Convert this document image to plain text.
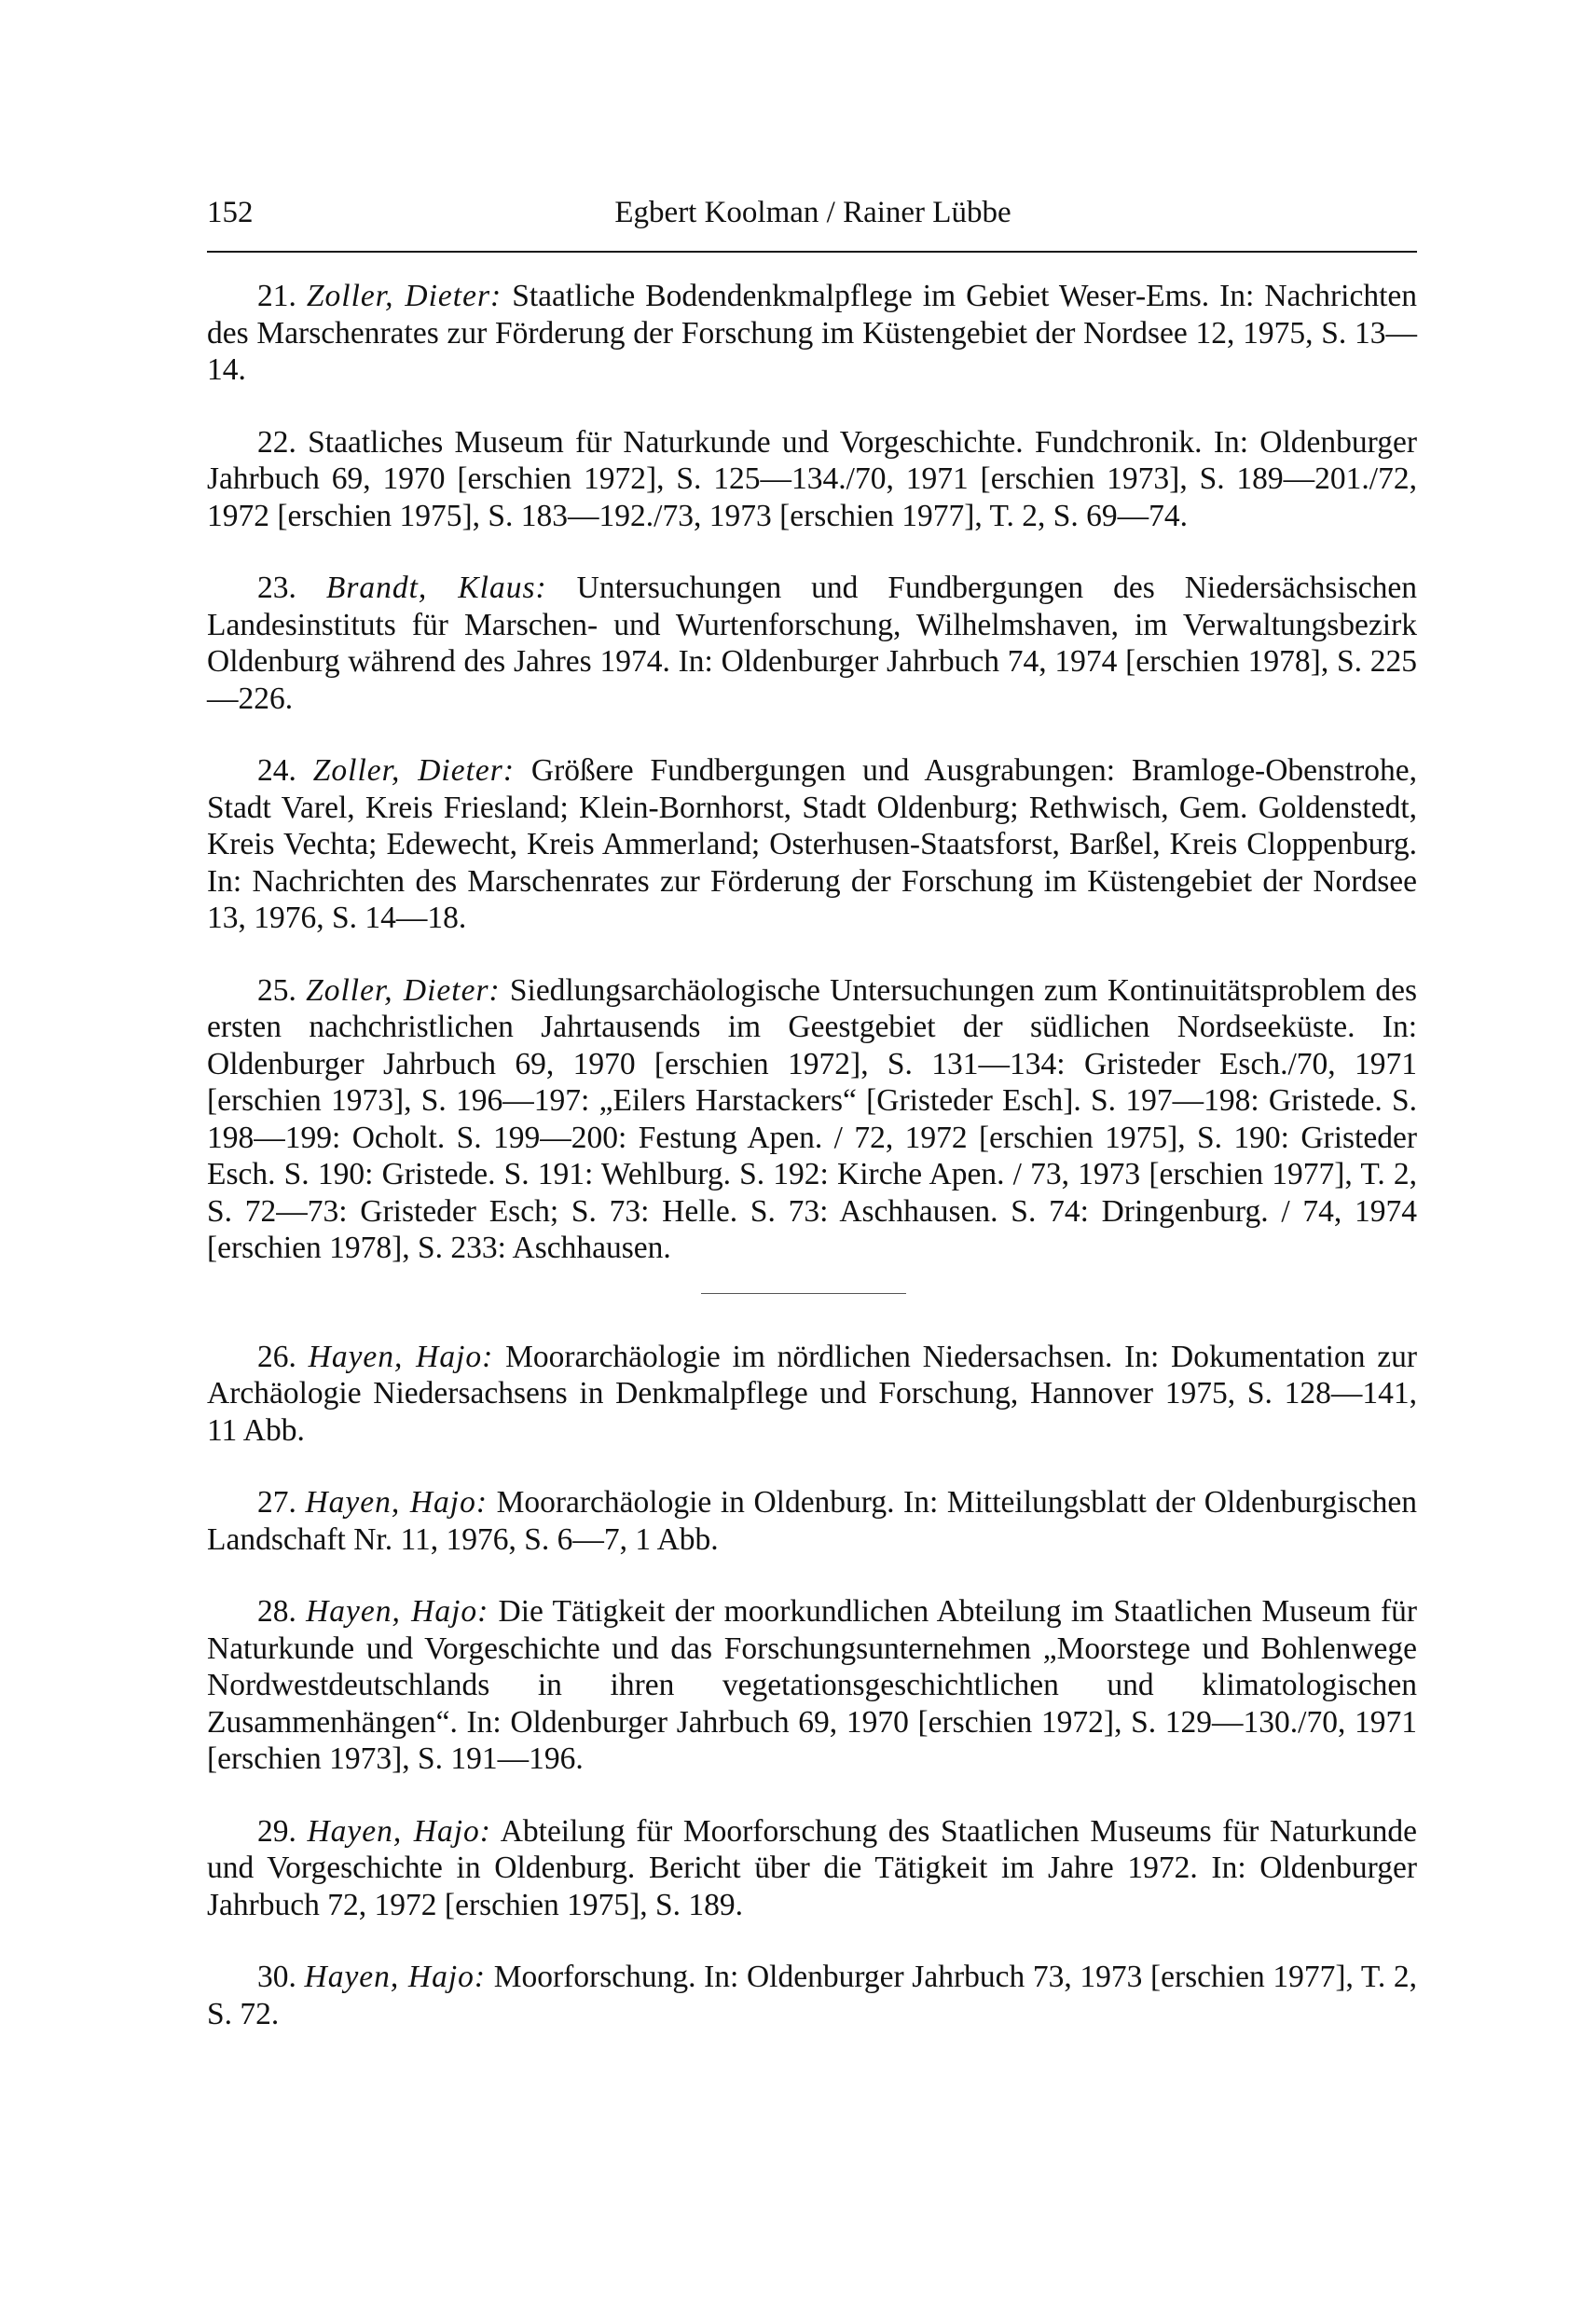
152	Egbert Koolman / Rainer Lübbe

21. Zoller, Dieter: Staatliche Bodendenkmalpflege im Gebiet Weser-Ems. In: Nachrichten des Marschenrates zur Förderung der Forschung im Küstengebiet der Nordsee 12, 1975, S. 13—14.

22. Staatliches Museum für Naturkunde und Vorgeschichte. Fundchronik. In: Oldenburger Jahrbuch 69, 1970 [erschien 1972], S. 125—134./70, 1971 [erschien 1973], S. 189—201./72, 1972 [erschien 1975], S. 183—192./73, 1973 [erschien 1977], T. 2, S. 69—74.

23. Brandt, Klaus: Untersuchungen und Fundbergungen des Niedersächsischen Landesinstituts für Marschen- und Wurtenforschung, Wilhelmshaven, im Verwaltungsbezirk Oldenburg während des Jahres 1974. In: Oldenburger Jahrbuch 74, 1974 [erschien 1978], S. 225—226.

24. Zoller, Dieter: Größere Fundbergungen und Ausgrabungen: Bramloge-Obenstrohe, Stadt Varel, Kreis Friesland; Klein-Bornhorst, Stadt Oldenburg; Rethwisch, Gem. Goldenstedt, Kreis Vechta; Edewecht, Kreis Ammerland; Osterhusen-Staatsforst, Barßel, Kreis Cloppenburg. In: Nachrichten des Marschenrates zur Förderung der Forschung im Küstengebiet der Nordsee 13, 1976, S. 14—18.

25. Zoller, Dieter: Siedlungsarchäologische Untersuchungen zum Kontinuitätsproblem des ersten nachchristlichen Jahrtausends im Geestgebiet der südlichen Nordseeküste. In: Oldenburger Jahrbuch 69, 1970 [erschien 1972], S. 131—134: Gristeder Esch./70, 1971 [erschien 1973], S. 196—197: „Eilers Harstackers“ [Gristeder Esch]. S. 197—198: Gristede. S. 198—199: Ocholt. S. 199—200: Festung Apen. / 72, 1972 [erschien 1975], S. 190: Gristeder Esch. S. 190: Gristede. S. 191: Wehlburg. S. 192: Kirche Apen. / 73, 1973 [erschien 1977], T. 2, S. 72—73: Gristeder Esch; S. 73: Helle. S. 73: Aschhausen. S. 74: Dringenburg. / 74, 1974 [erschien 1978], S. 233: Aschhausen.

26. Hayen, Hajo: Moorarchäologie im nördlichen Niedersachsen. In: Dokumentation zur Archäologie Niedersachsens in Denkmalpflege und Forschung, Hannover 1975, S. 128—141, 11 Abb.

27. Hayen, Hajo: Moorarchäologie in Oldenburg. In: Mitteilungsblatt der Oldenburgischen Landschaft Nr. 11, 1976, S. 6—7, 1 Abb.

28. Hayen, Hajo: Die Tätigkeit der moorkundlichen Abteilung im Staatlichen Museum für Naturkunde und Vorgeschichte und das Forschungsunternehmen „Moorstege und Bohlenwege Nordwestdeutschlands in ihren vegetationsgeschichtlichen und klimatologischen Zusammenhängen“. In: Oldenburger Jahrbuch 69, 1970 [erschien 1972], S. 129—130./70, 1971 [erschien 1973], S. 191—196.

29. Hayen, Hajo: Abteilung für Moorforschung des Staatlichen Museums für Naturkunde und Vorgeschichte in Oldenburg. Bericht über die Tätigkeit im Jahre 1972. In: Oldenburger Jahrbuch 72, 1972 [erschien 1975], S. 189.

30. Hayen, Hajo: Moorforschung. In: Oldenburger Jahrbuch 73, 1973 [erschien 1977], T. 2, S. 72.
